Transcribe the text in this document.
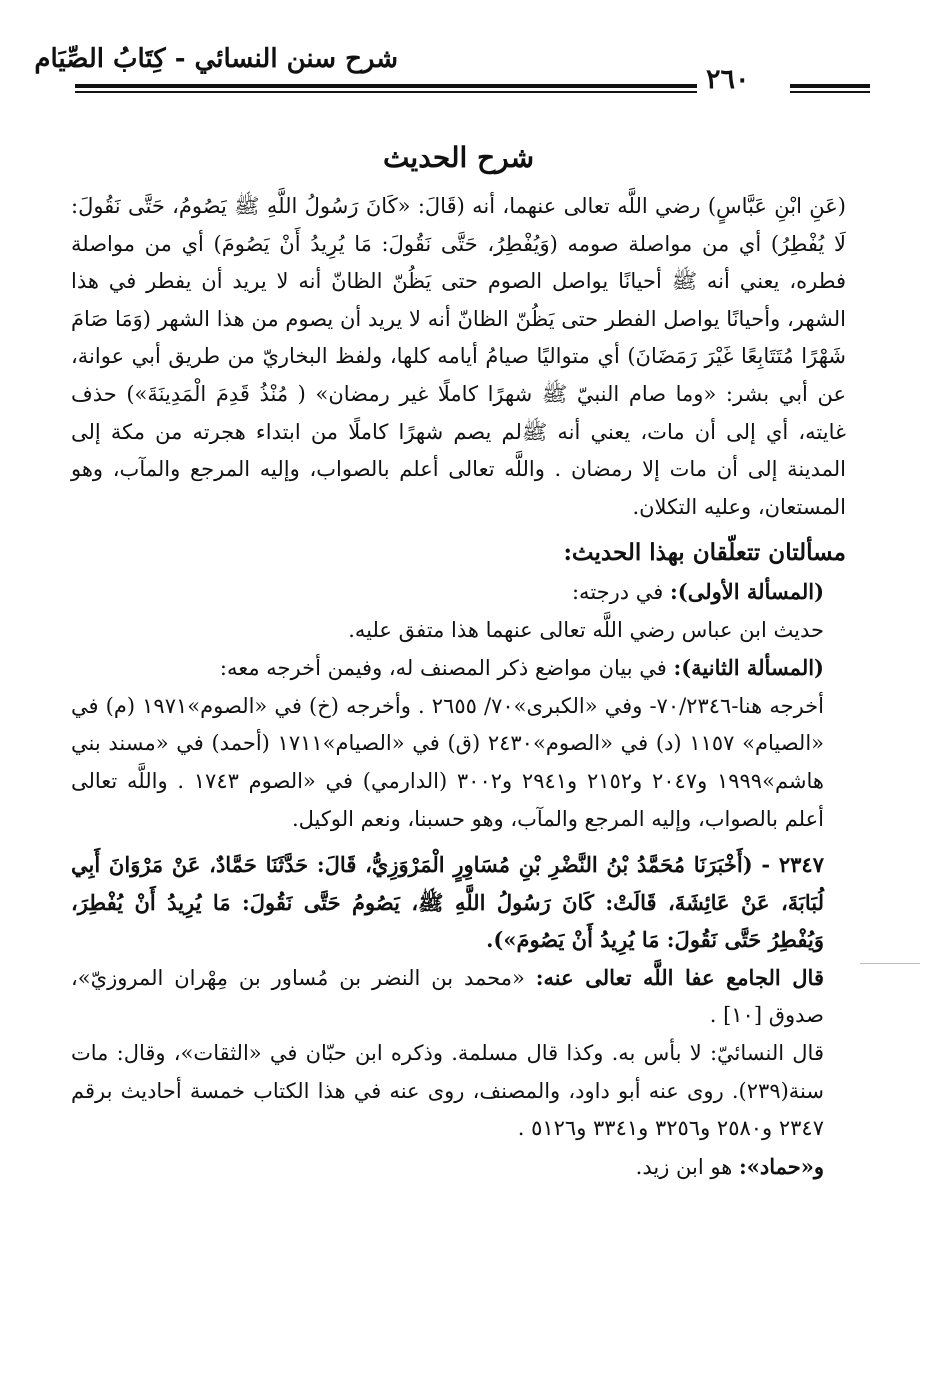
شرح سنن النسائي - كِتَابُ الصِّيَام
٢٦٠
شرح الحديث

(عَنِ ابْنِ عَبَّاسٍ) رضي اللَّه تعالى عنهما، أنه (قَالَ: «كَانَ رَسُولُ اللَّهِ ﷺ يَصُومُ، حَتَّى نَقُولَ: لَا يُفْطِرُ) أي من مواصلة صومه (وَيُفْطِرُ، حَتَّى نَقُولَ: مَا يُرِيدُ أَنْ يَصُومَ) أي من مواصلة فطره، يعني أنه ﷺ أحيانًا يواصل الصوم حتى يَظُنّ الظانّ أنه لا يريد أن يفطر في هذا الشهر، وأحيانًا يواصل الفطر حتى يَظُنّ الظانّ أنه لا يريد أن يصوم من هذا الشهر (وَمَا صَامَ شَهْرًا مُتَتَابِعًا غَيْرَ رَمَضَانَ) أي متواليًا صيامُ أيامه كلها، ولفظ البخاريّ من طريق أبي عوانة، عن أبي بشر: «وما صام النبيّ ﷺ شهرًا كاملًا غير رمضان» ( مُنْذُ قَدِمَ الْمَدِينَةَ») حذف غايته، أي إلى أن مات، يعني أنه ﷺلم يصم شهرًا كاملًا من ابتداء هجرته من مكة إلى المدينة إلى أن مات إلا رمضان . واللَّه تعالى أعلم بالصواب، وإليه المرجع والمآب، وهو المستعان، وعليه التكلان.

مسألتان تتعلّقان بهذا الحديث:

(المسألة الأولى): في درجته:

حديث ابن عباس رضي اللَّه تعالى عنهما هذا متفق عليه.

(المسألة الثانية): في بيان مواضع ذكر المصنف له، وفيمن أخرجه معه:

أخرجه هنا-٧٠/٢٣٤٦- وفي «الكبرى»٧٠/ ٢٦٥٥ . وأخرجه (خ) في «الصوم»١٩٧١ (م) في «الصيام» ١١٥٧ (د) في «الصوم»٢٤٣٠ (ق) في «الصيام»١٧١١ (أحمد) في «مسند بني هاشم»١٩٩٩ و٢٠٤٧ و٢١٥٢ و٢٩٤١ و٣٠٠٢ (الدارمي) في «الصوم ١٧٤٣ . واللَّه تعالى أعلم بالصواب، وإليه المرجع والمآب، وهو حسبنا، ونعم الوكيل.

٢٣٤٧ - (أَخْبَرَنَا مُحَمَّدُ بْنُ النَّضْرِ بْنِ مُسَاوِرٍ الْمَرْوَزِيُّ، قَالَ: حَدَّثَنَا حَمَّادٌ، عَنْ مَرْوَانَ أَبِي لُبَابَةَ، عَنْ عَائِشَةَ، قَالَتْ: كَانَ رَسُولُ اللَّهِ ﷺ، يَصُومُ حَتَّى نَقُولَ: مَا يُرِيدُ أَنْ يُفْطِرَ، وَيُفْطِرُ حَتَّى نَقُولَ: مَا يُرِيدُ أَنْ يَصُومَ»).

قال الجامع عفا اللَّه تعالى عنه: «محمد بن النضر بن مُساور بن مِهْران المروزيّ»، صدوق [١٠] .

قال النسائيّ: لا بأس به. وكذا قال مسلمة. وذكره ابن حبّان في «الثقات»، وقال: مات سنة(٢٣٩). روى عنه أبو داود، والمصنف، روى عنه في هذا الكتاب خمسة أحاديث برقم ٢٣٤٧ و٢٥٨٠ و٣٢٥٦ و٣٣٤١ و٥١٢٦ .

و«حماد»: هو ابن زيد.
